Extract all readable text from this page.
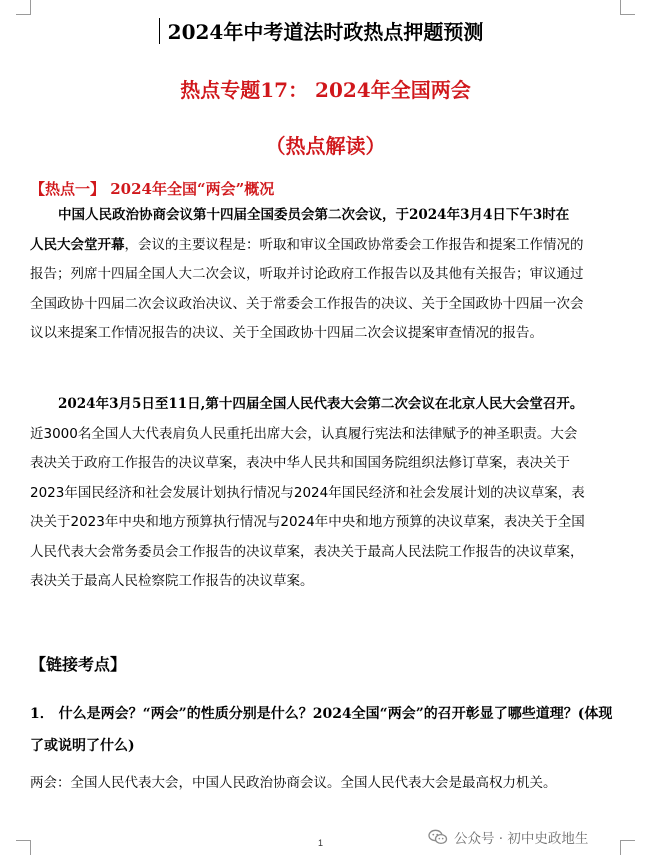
2024年中考道法时政热点押题预测
热点专题17： 2024年全国两会
（热点解读）
【热点一】 2024年全国“两会”概况
中国人民政治协商会议第十四届全国委员会第二次会议，于2024年3月4日下午3时在
人民大会堂开幕，会议的主要议程是：听取和审议全国政协常委会工作报告和提案工作情况的
报告；列席十四届全国人大二次会议，听取并讨论政府工作报告以及其他有关报告；审议通过
全国政协十四届二次会议政治决议、关于常委会工作报告的决议、关于全国政协十四届一次会
议以来提案工作情况报告的决议、关于全国政协十四届二次会议提案审查情况的报告。
2024年3月5日至11日,第十四届全国人民代表大会第二次会议在北京人民大会堂召开。
近3000名全国人大代表肩负人民重托出席大会，认真履行宪法和法律赋予的神圣职责。大会
表决关于政府工作报告的决议草案，表决中华人民共和国国务院组织法修订草案，表决关于
2023年国民经济和社会发展计划执行情况与2024年国民经济和社会发展计划的决议草案，表
决关于2023年中央和地方预算执行情况与2024年中央和地方预算的决议草案，表决关于全国
人民代表大会常务委员会工作报告的决议草案，表决关于最高人民法院工作报告的决议草案，
表决关于最高人民检察院工作报告的决议草案。
【链接考点】
1． 什么是两会？“两会”的性质分别是什么？2024全国“两会”的召开彰显了哪些道理？(体现
了或说明了什么)
两会：全国人民代表大会，中国人民政治协商会议。全国人民代表大会是最高权力机关。
1	公众号 · 初中史政地生
